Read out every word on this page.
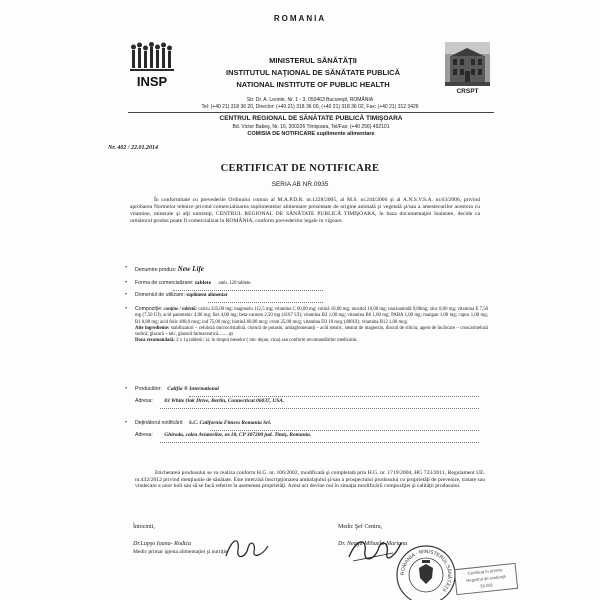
ROMANIA
INSP
CRSPT
MINISTERUL SĂNĂTĂŢII
INSTITUTUL NAŢIONAL DE SĂNĂTATE PUBLICĂ
NATIONAL INSTITUTE OF PUBLIC HEALTH
Str. Dr. A. Leonte, Nr. 1 - 3, 050463 Bucureşti, ROMÂNIA
Tel: (+40 21) 318 36 20, Director: (+40 21) 318 36 00, (+40 21) 318 36 02, Fax: (+40 21) 312 3426
CENTRUL REGIONAL DE SĂNĂTATE PUBLICĂ TIMIŞOARA
Bd. Victor Babeş, Nr. 16, 300226 Timişoara, Tel/Fax: (+40 256) 492101
COMISIA DE NOTIFICARE suplimente alimentare
Nr. 402 / 22.01.2014
CERTIFICAT DE NOTIFICARE
SERIA AB NR.0935
În conformitate cu prevederile Ordinului comun al M.A.P.D.R. nr.1228/2005, al M.S. nr.244/2006 şi al A.N.S.V.S.A. nr.63/2006, privind aprobarea Normelor tehnice privind comercializarea suplimentelor alimentare prezentate de origine animală şi vegetală şi/sau a amestecurilor acestora cu vitamine, minerale şi alţi nutrienţi, CENTRUL REGIONAL DE SĂNĂTATE PUBLICĂ TIMIŞOARA, în baza documentaţiei înaintate, decide ca următorul produs poate fi comercializat în ROMÂNIA, conform prevederilor legale în vigoare.
• Denumire produs: New Life
• Forma de comercializare: tablete amb. 120 tablete.
• Domeniul de utilizare: supliment alimentar
• Compoziţie: conţine / tabletă: calciu 325,00 mg; magneziu 112,5 mg; vitamina C 60,00 mg; colină 10,00 mg; inozitol 10,00 mg; niacinamidă 9,00mg; zinc 8,00 mg; vitamina E 7,50 mg (7,50 UI); acid pantotenic 4,00 mg; fier 4,00 mg; beta-caroten 2,50 mg (4167 UI); vitamina B2 1,00 mg; vitamina B6 1,00 mg; PABA 1,00 mg; mangan 1,00 mg; cupru 1,00 mg; B1 0,80 mg; acid folic 400,0 mcg; iod 75,00 mcg; biotină 60,00 mcg; crom 25,00 mcg; vitamina D3 10 mcg (400UI); vitamina B12 1,00 mcg.
Alte ingrediente: stabilizatori – celuloză microcristalină, clorură de potasiu; antiaglomeranţi – acid stearic, stearat de magneziu, dioxid de siliciu; agent de încărcare – croscarmeloză sodică; glazură – talc, glazură farmaceutică.........qs
Doza recomandată: 2 x 1a tabletă / zi, în timpul meselor ( mic dejun, cina) sau conform recomandărilor medicului.
• Producător: Califia ® International
Adresa: 83 White Oak Drive, Berlin, Connecticut 06037, USA.
• Deţinătorul notificării: S.C. California Fitness Romania Srl.
Adresa: Ghiroda, calea Aviatorilor, nr.18, CP 307200 jud. Timiş, Romania.
Etichetarea produsului se va realiza conform H.G. nr. 106/2002, modificată şi completată prin H.G. nr. 1719/2004, HG 723/2011, Regulament UE. nr.432/2012 privind menţiunile de sănătate. Este interzisă înscripţionarea ambalajului şi/sau a prospectului produsului cu proprietăţi de prevenire, tratare sau vindecare a unor boli sau să se facă referire la asemenea proprietăţi. Acest act devine nul în situaţia modificării compoziţiei şi calităţii produsului.
Întocmit,	Medic Şef Centru,
Dr.Lupşo Ioana- Rodica
Medic primar igiena alimentaţiei şi nutriţie
Dr. Neagu Mihaela-Mariana
ROMANIA · MINISTERUL SĂNĂTĂŢII
Certificat în primire
Registrul de evidenţă
50.001
